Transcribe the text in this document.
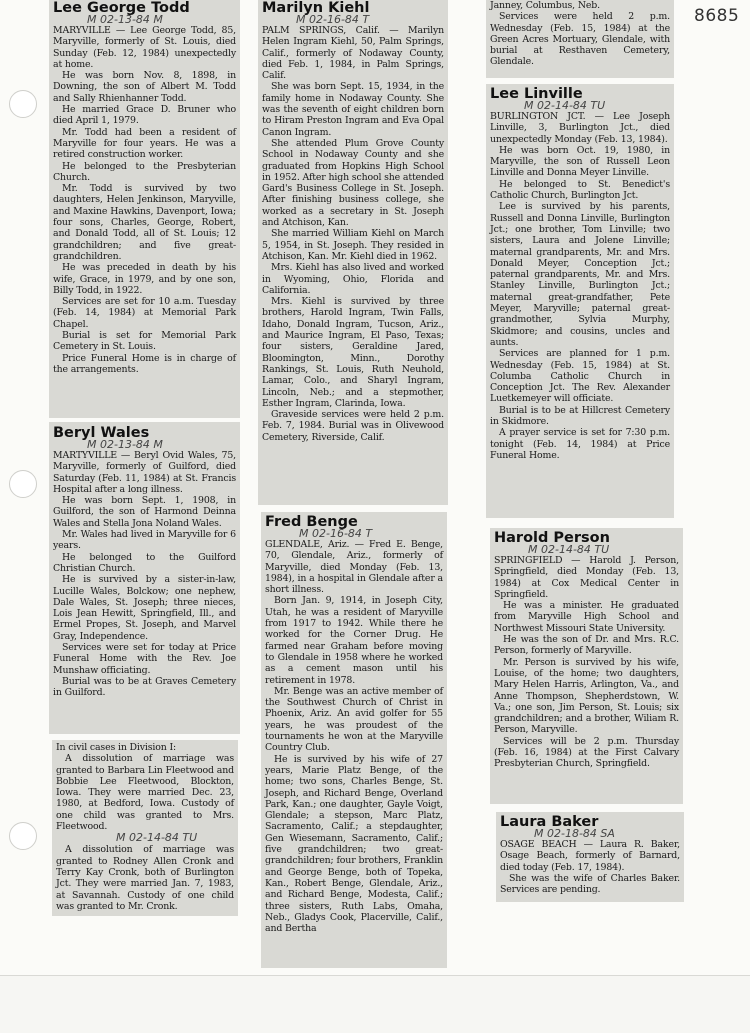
8685
Lee George Todd
M 02-13-84 M

MARYVILLE — Lee George Todd, 85, Maryville, formerly of St. Louis, died Sunday (Feb. 12, 1984) unexpectedly at home.

He was born Nov. 8, 1898, in Downing, the son of Albert M. Todd and Sally Rhienhanner Todd.

He married Grace D. Bruner who died April 1, 1979.

Mr. Todd had been a resident of Maryville for four years. He was a retired construction worker.

He belonged to the Presbyterian Church.

Mr. Todd is survived by two daughters, Helen Jenkinson, Maryville, and Maxine Hawkins, Davenport, Iowa; four sons, Charles, George, Robert, and Donald Todd, all of St. Louis; 12 grandchildren; and five great-grandchildren.

He was preceded in death by his wife, Grace, in 1979, and by one son, Billy Todd, in 1922.

Services are set for 10 a.m. Tuesday (Feb. 14, 1984) at Memorial Park Chapel.

Burial is set for Memorial Park Cemetery in St. Louis.

Price Funeral Home is in charge of the arrangements.

Beryl Wales
M 02-13-84 M

MARTYVILLE — Beryl Ovid Wales, 75, Maryville, formerly of Guilford, died Saturday (Feb. 11, 1984) at St. Francis Hospital after a long illness.

He was born Sept. 1, 1908, in Guilford, the son of Harmond Deinna Wales and Stella Jona Noland Wales.

Mr. Wales had lived in Maryville for 6 years.

He belonged to the Guilford Christian Church.

He is survived by a sister-in-law, Lucille Wales, Bolckow; one nephew, Dale Wales, St. Joseph; three nieces, Lois Jean Hewitt, Springfield, Ill., and Ermel Propes, St. Joseph, and Marvel Gray, Independence.

Services were set for today at Price Funeral Home with the Rev. Joe Munshaw officiating.

Burial was to be at Graves Cemetery in Guilford.

In civil cases in Division I:

A dissolution of marriage was granted to Barbara Lin Fleetwood and Bobbie Lee Fleetwood, Blockton, Iowa. They were married Dec. 23, 1980, at Bedford, Iowa. Custody of one child was granted to Mrs. Fleetwood.

M 02-14-84 TU

A dissolution of marriage was granted to Rodney Allen Cronk and Terry Kay Cronk, both of Burlington Jct. They were married Jan. 7, 1983, at Savannah. Custody of one child was granted to Mr. Cronk.

Marilyn Kiehl
M 02-16-84 T

PALM SPRINGS, Calif. — Marilyn Helen Ingram Kiehl, 50, Palm Springs, Calif., formerly of Nodaway County, died Feb. 1, 1984, in Palm Springs, Calif.

She was born Sept. 15, 1934, in the family home in Nodaway County. She was the seventh of eight children born to Hiram Preston Ingram and Eva Opal Canon Ingram.

She attended Plum Grove County School in Nodaway County and she graduated from Hopkins High School in 1952. After high school she attended Gard's Business College in St. Joseph. After finishing business college, she worked as a secretary in St. Joseph and Atchison, Kan.

She married William Kiehl on March 5, 1954, in St. Joseph. They resided in Atchison, Kan. Mr. Kiehl died in 1962.

Mrs. Kiehl has also lived and worked in Wyoming, Ohio, Florida and California.

Mrs. Kiehl is survived by three brothers, Harold Ingram, Twin Falls, Idaho, Donald Ingram, Tucson, Ariz., and Maurice Ingram, El Paso, Texas; four sisters, Geraldine Jared, Bloomington, Minn., Dorothy Rankings, St. Louis, Ruth Neuhold, Lamar, Colo., and Sharyl Ingram, Lincoln, Neb.; and a stepmother, Esther Ingram, Clarinda, Iowa.

Graveside services were held 2 p.m. Feb. 7, 1984. Burial was in Olivewood Cemetery, Riverside, Calif.

Fred Benge
M 02-16-84 T

GLENDALE, Ariz. — Fred E. Benge, 70, Glendale, Ariz., formerly of Maryville, died Monday (Feb. 13, 1984), in a hospital in Glendale after a short illness.

Born Jan. 9, 1914, in Joseph City, Utah, he was a resident of Maryville from 1917 to 1942. While there he worked for the Corner Drug. He farmed near Graham before moving to Glendale in 1958 where he worked as a cement mason until his retirement in 1978.

Mr. Benge was an active member of the Southwest Church of Christ in Phoenix, Ariz. An avid golfer for 55 years, he was proudest of the tournaments he won at the Maryville Country Club.

He is survived by his wife of 27 years, Marie Platz Benge, of the home; two sons, Charles Benge, St. Joseph, and Richard Benge, Overland Park, Kan.; one daughter, Gayle Voigt, Glendale; a stepson, Marc Platz, Sacramento, Calif.; a stepdaughter, Gen Wiesemann, Sacramento, Calif.; five grandchildren; two great-grandchildren; four brothers, Franklin and George Benge, both of Topeka, Kan., Robert Benge, Glendale, Ariz., and Richard Benge, Modesta, Calif.; three sisters, Ruth Labs, Omaha, Neb., Gladys Cook, Placerville, Calif., and Bertha

Janney, Columbus, Neb.

Services were held 2 p.m. Wednesday (Feb. 15, 1984) at the Green Acres Mortuary, Glendale, with burial at Resthaven Cemetery, Glendale.

Lee Linville
M 02-14-84 TU

BURLINGTON JCT. — Lee Joseph Linville, 3, Burlington Jct., died unexpectedly Monday (Feb. 13, 1984).

He was born Oct. 19, 1980, in Maryville, the son of Russell Leon Linville and Donna Meyer Linville.

He belonged to St. Benedict's Catholic Church, Burlington Jct.

Lee is survived by his parents, Russell and Donna Linville, Burlington Jct.; one brother, Tom Linville; two sisters, Laura and Jolene Linville; maternal grandparents, Mr. and Mrs. Donald Meyer, Conception Jct.; paternal grandparents, Mr. and Mrs. Stanley Linville, Burlington Jct.; maternal great-grandfather, Pete Meyer, Maryville; paternal great-grandmother, Sylvia Murphy, Skidmore; and cousins, uncles and aunts.

Services are planned for 1 p.m. Wednesday (Feb. 15, 1984) at St. Columba Catholic Church in Conception Jct. The Rev. Alexander Luetkemeyer will officiate.

Burial is to be at Hillcrest Cemetery in Skidmore.

A prayer service is set for 7:30 p.m. tonight (Feb. 14, 1984) at Price Funeral Home.

Harold Person
M 02-14-84 TU

SPRINGFIELD — Harold J. Person, Springfield, died Monday (Feb. 13, 1984) at Cox Medical Center in Springfield.

He was a minister. He graduated from Maryville High School and Northwest Missouri State University.

He was the son of Dr. and Mrs. R.C. Person, formerly of Maryville.

Mr. Person is survived by his wife, Louise, of the home; two daughters, Mary Helen Harris, Arlington, Va., and Anne Thompson, Shepherdstown, W. Va.; one son, Jim Person, St. Louis; six grandchildren; and a brother, Wiliam R. Person, Maryville.

Services will be 2 p.m. Thursday (Feb. 16, 1984) at the First Calvary Presbyterian Church, Springfield.

Laura Baker
M 02-18-84 SA

OSAGE BEACH — Laura R. Baker, Osage Beach, formerly of Barnard, died today (Feb. 17, 1984).

She was the wife of Charles Baker. Services are pending.
